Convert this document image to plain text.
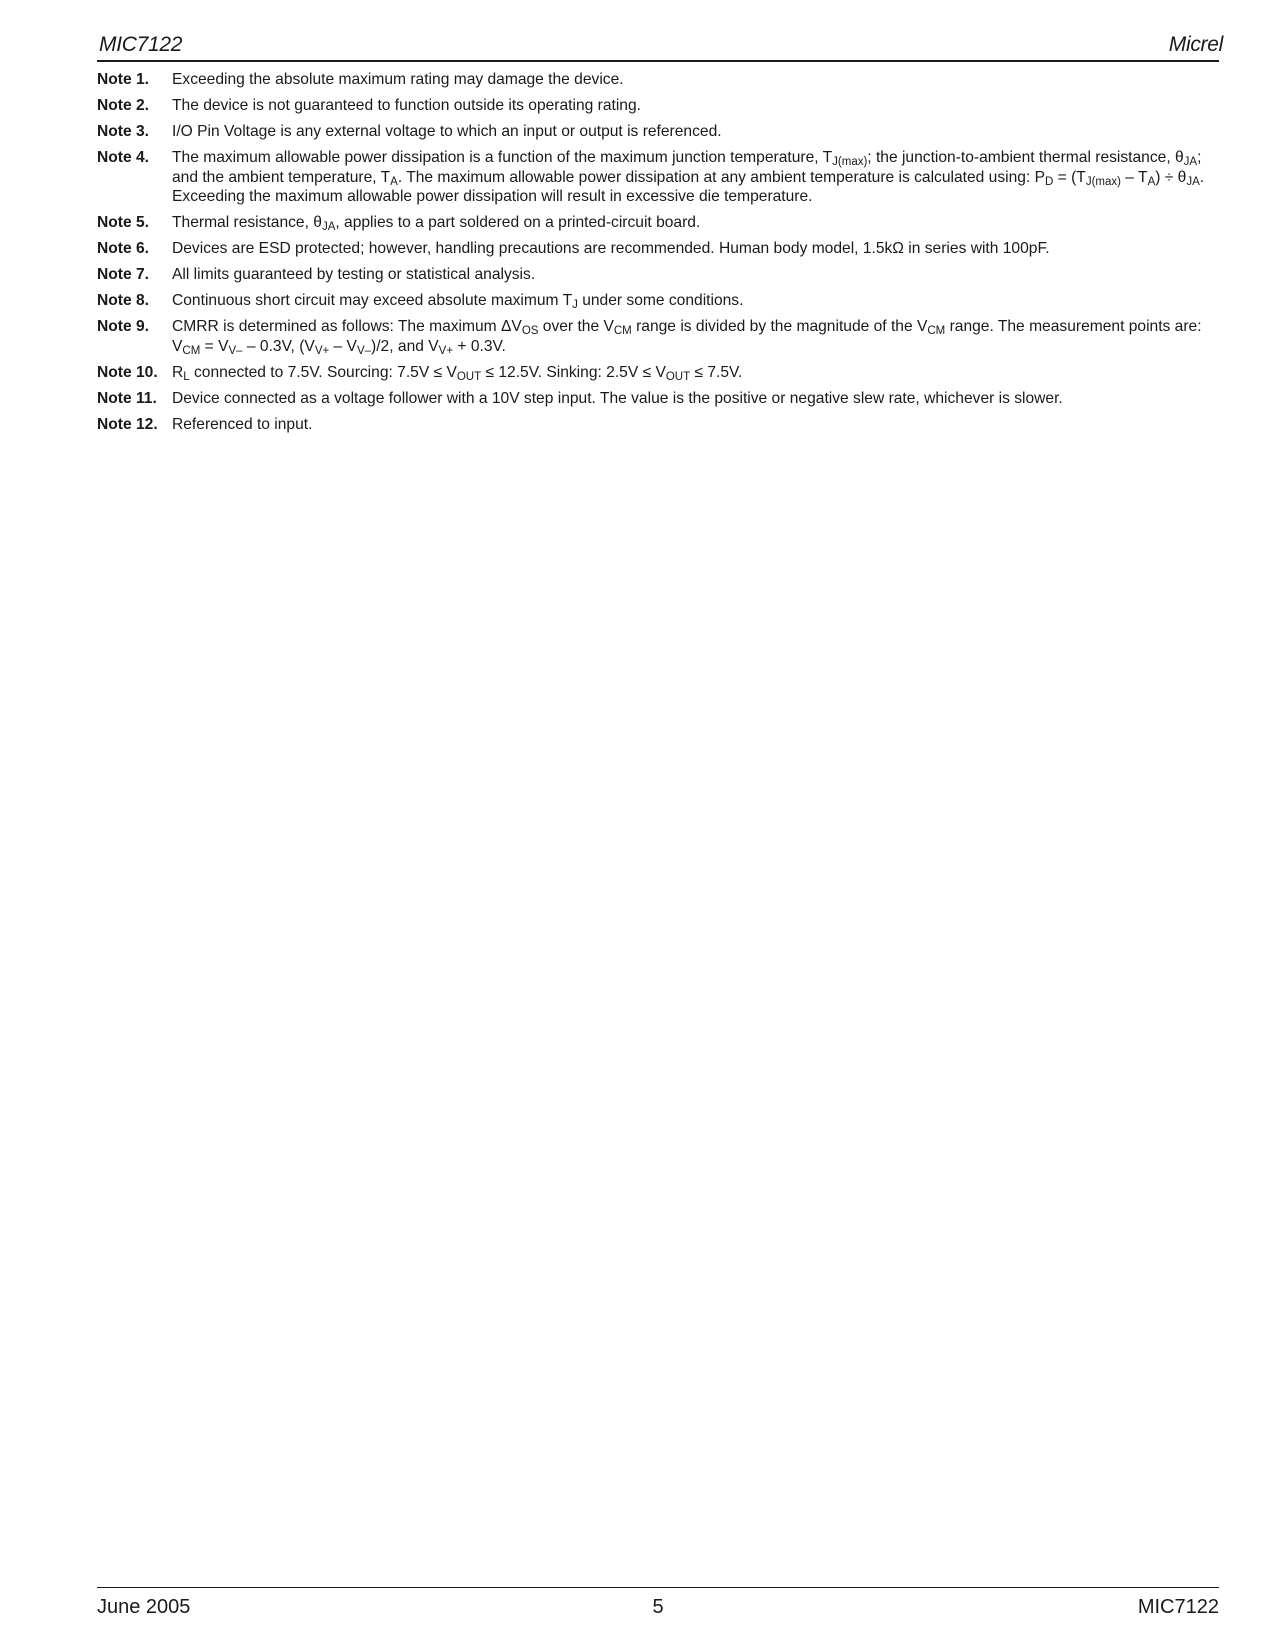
MIC7122	Micrel
Note 1.	Exceeding the absolute maximum rating may damage the device.
Note 2.	The device is not guaranteed to function outside its operating rating.
Note 3.	I/O Pin Voltage is any external voltage to which an input or output is referenced.
Note 4.	The maximum allowable power dissipation is a function of the maximum junction temperature, $T_{J(max)}$; the junction-to-ambient thermal resistance, $\theta_{JA}$; and the ambient temperature, $T_A$. The maximum allowable power dissipation at any ambient temperature is calculated using: $P_D = (T_{J(max)} - T_A) \div \theta_{JA}$. Exceeding the maximum allowable power dissipation will result in excessive die temperature.
Note 5.	Thermal resistance, $\theta_{JA}$, applies to a part soldered on a printed-circuit board.
Note 6.	Devices are ESD protected; however, handling precautions are recommended. Human body model, 1.5kΩ in series with 100pF.
Note 7.	All limits guaranteed by testing or statistical analysis.
Note 8.	Continuous short circuit may exceed absolute maximum $T_J$ under some conditions.
Note 9.	CMRR is determined as follows: The maximum $\Delta V_{OS}$ over the $V_{CM}$ range is divided by the magnitude of the $V_{CM}$ range. The measurement points are: $V_{CM} = V_{V-} - 0.3V$, $(V_{V+} - V_{V-})/2$, and $V_{V+} + 0.3V$.
Note 10. $R_L$ connected to 7.5V. Sourcing: $7.5V \le V_{OUT} \le 12.5V$. Sinking: $2.5V \le V_{OUT} \le 7.5V$.
Note 11. Device connected as a voltage follower with a 10V step input. The value is the positive or negative slew rate, whichever is slower.
Note 12. Referenced to input.
June 2005	5	MIC7122
